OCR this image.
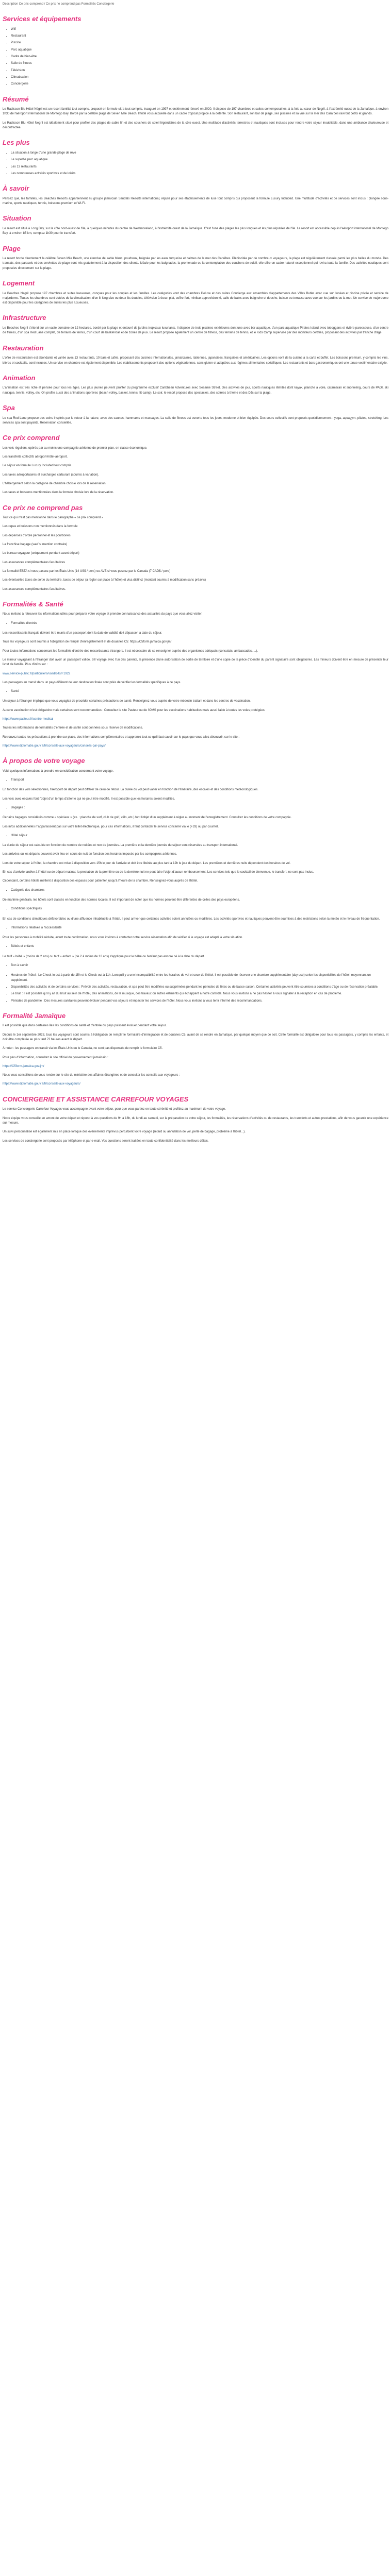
Description Ce prix comprend / Ce prix ne comprend pas Formalités Conciergerie
Services et équipements
• Wifi
• Restaurant
• Piscine
• Parc aquatique
• Cadre de bien-être
• Salle de fitness
• Télévision
• Climatisation
• Conciergerie
Résumé

Le Radisson Blu Hôtel Nègril est un resort familial tout compris, proposé en formule ultra tout compris, inauguré en 1997 et entièrement rénové en 2020. Il dispose de 197 chambres et suites contemporaines, à la fois au cœur de Negril, à l'extrémité ouest de la Jamaïque, à environ 1h30 de l'aéroport international de Montego Bay. Bordé par la célèbre plage de Seven Mile Beach, l'hôtel vous accueille dans un cadre tropical propice à la détente. Son restaurant, son bar de plage, ses piscines et sa vue sur la mer des Caraïbes raviront petits et grands.

Le Radisson Blu Hôtel Negril est idéalement situé pour profiter des plages de sable fin et des couchers de soleil légendaires de la côte ouest. Une multitude d'activités terrestres et nautiques sont incluses pour rendre votre séjour inoubliable, dans une ambiance chaleureuse et décontractée.

Les plus
• La situation à longe d'une grande plage de rêve
• Le superbe parc aquatique
• Les 13 restaurants
• Les nombreuses activités sportives et de loisirs
À savoir

Pensez que, les familles, les Beaches Resorts appartiennent au groupe jamaïcain Sandals Resorts international, réputé pour ses établissements de luxe tout compris qui proposent la formule Luxury Included. Une multitude d'activités et de services sont inclus : plongée sous-marine, sports nautiques, tennis, boissons premium et Wi-Fi.

Situation

Le resort est situé à Long Bay, sur la côte nord-ouest de l'île, à quelques minutes du centre de Westmoreland, à l'extrémité ouest de la Jamaïque. C'est l'une des plages les plus longues et les plus réputées de l'île. Le resort est accessible depuis l'aéroport international de Montego Bay, à environ 85 km, comptez 1h30 pour le transfert.

Plage

La resort borde directement la célèbre Seven Mile Beach, une étendue de sable blanc, poudreux, baignée par les eaux turquoise et calmes de la mer des Caraïbes. Plébiscitée par de nombreux voyageurs, la plage est régulièrement classée parmi les plus belles du monde. Des transats, des parasols et des serviettes de plage sont mis gratuitement à la disposition des clients. Idéale pour les baignades, la promenade ou la contemplation des couchers de soleil, elle offre un cadre naturel exceptionnel qui ravira toute la famille. Des activités nautiques sont proposées directement sur la plage.

Logement

Le Beaches Negril propose 197 chambres et suites luxueuses, conçues pour les couples et les familles. Les catégories vont des chambres Deluxe et des suites Concierge aux ensembles d'appartements des Villas Butler avec vue sur l'océan et piscine privée et service de majordome. Toutes les chambres sont dotées de la climatisation, d'un lit king size ou deux lits doubles, télévision à écran plat, coffre-fort, minibar approvisionné, salle de bains avec baignoire et douche, balcon ou terrasse avec vue sur les jardins ou la mer. Un service de majordome est disponible pour les catégories de suites les plus luxueuses.

Infrastructure

Le Beaches Negril s'étend sur un vaste domaine de 12 hectares, bordé par la plage et entouré de jardins tropicaux luxuriants. Il dispose de trois piscines extérieures dont une avec bar aquatique, d'un parc aquatique Pirates Island avec toboggans et rivière paresseuse, d'un centre de fitness, d'un spa Red Lane complet, de terrains de tennis, d'un court de basket-ball et de zones de jeux. Le resort propose également un centre de fitness, des terrains de tennis, et le Kids Camp supervisé par des moniteurs certifiés, proposant des activités par tranche d'âge.

Restauration

L'offre de restauration est abondante et variée avec 13 restaurants, 10 bars et cafés, proposant des cuisines internationales, jamaïcaines, italiennes, japonaises, françaises et américaines. Les options vont de la cuisine à la carte et buffet. Les boissons premium, y compris les vins, bières et cocktails, sont incluses. Un service en chambre est également disponible. Les établissements proposent des options végétariennes, sans gluten et adaptées aux régimes alimentaires spécifiques. Les restaurants et bars gastronomiques ont une tenue vestimentaire exigée.

Animation

L'animation est très riche et pensée pour tous les âges. Les plus jeunes peuvent profiter du programme exclusif Caribbean Adventures avec Sesame Street. Des activités de jour, sports nautiques illimités dont kayak, planche à voile, catamaran et snorkeling, cours de PADI, ski nautique, tennis, volley, etc. On profite aussi des animations sportives (beach volley, basket, tennis, fit-camp). Le soir, le resort propose des spectacles, des soirées à thème et des DJs sur la plage.

Spa

Le spa Red Lane propose des soins inspirés par le retour à la nature, avec des saunas, hammams et massages. La salle de fitness est ouverte tous les jours, moderne et bien équipée. Des cours collectifs sont proposés quotidiennement : yoga, aquagym, pilates, stretching. Les services spa sont payants. Réservation conseillée.

Ce prix comprend

Les vols réguliers, opérés par au moins une compagnie aérienne de premier plan, en classe économique.

Les transferts collectifs aéroport-hôtel-aéroport.

Le séjour en formule Luxury Included tout compris.

Les taxes aéroportuaires et surcharges carburant (soumis à variation).

L'hébergement selon la catégorie de chambre choisie lors de la réservation.

Les taxes et boissons mentionnées dans la formule choisie lors de la réservation.

Ce prix ne comprend pas

Tout ce qui n'est pas mentionné dans le paragraphe « ce prix comprend »

Les repas et boissons non mentionnés dans la formule

Les dépenses d'ordre personnel et les pourboires

La franchise bagage (sauf si mention contraire)

Le bureau voyageur (uniquement pendant avant départ)

Les assurances complémentaires facultatives

La formalité ESTA si vous passez par les États-Unis (14 US$ / pers) ou AVE si vous passez par le Canada (7 CAD$ / pers)

Les éventuelles taxes de sortie du territoire, taxes de séjour (à régler sur place à l'hôtel) et visa distinct (montant soumis à modification sans préavis)

Les assurances complémentaires facultatives.

Formalités & Santé

Nous invitons à retrouver les informations utiles pour préparer votre voyage et prendre connaissance des actualités du pays que vous allez visiter.

• Formalités d'entrée

Les ressortissants français doivent être munis d'un passeport dont la date de validité doit dépasser la date du séjour.

Tous les voyageurs sont soumis à l'obligation de remplir d'enregistrement et de douanes C5: https://C5form.jamaica.gov.jm/

Pour toutes informations concernant les formalités d'entrée des ressortissants étrangers, il est nécessaire de se renseigner auprès des organismes adéquats (consulats, ambassades, ...).

Le mineur voyageant à l'étranger doit avoir un passeport valide. S'il voyage avec l'un des parents, la présence d'une autorisation de sortie de territoire et d'une copie de la pièce d'identité du parent signataire sont obligatoires. Les mineurs doivent être en mesure de présenter leur livret de famille. Plus d'infos sur :

www.service-public.fr/particuliers/vosdroits/F1922

Les passagers en transit dans un pays différent de leur destination finale sont priés de vérifier les formalités spécifiques à ce pays.

• Santé

Un séjour à l'étranger implique que vous voyagiez de procéder certaines précautions de santé. Renseignez-vous auprès de votre médecin traitant et dans les centres de vaccination.

Aucune vaccination n'est obligatoire mais certaines sont recommandées : Consultez le site Pasteur ou de l'OMS pour les vaccinations habituelles mais aussi l'aide à toutes les voies protégées.

https://www.pasteur.fr/centre-medical

Toutes les informations de formalités d'entrée et de santé sont données sous réserve de modifications.

Retrouvez toutes les précautions à prendre sur place, des informations complémentaires et apprenez tout ce qu'il faut savoir sur le pays que vous allez découvrir, sur le site :

https://www.diplomatie.gouv.fr/fr/conseils-aux-voyageurs/conseils-par-pays/

À propos de votre voyage

Voici quelques informations à prendre en considération concernant votre voyage.

• Transport

En fonction des vols sélectionnés, l'aéroport de départ peut différer de celui de retour. La durée du vol peut varier en fonction de l'itinéraire, des escales et des conditions météorologiques.

Les vols avec escales font l'objet d'un temps d'attente qui ne peut être modifié. Il est possible que les horaires soient modifiés.

• Bagages :

Certains bagages considérés comme « spéciaux » (ex. : planche de surf, club de golf, vélo, etc.) font l'objet d'un supplément à régler au moment de l'enregistrement. Consultez les conditions de votre compagnie.

Les infos additionnelles n'apparaissent pas sur votre billet électronique, pour ces informations, il faut contacter le service concerné via le (+33) ou par courriel.

• Hôtel séjour

La durée du séjour est calculée en fonction du nombre de nuitées et non de journées. La première et la dernière journée du séjour sont réservées au transport international.

Les arrivées ou les départs peuvent avoir lieu en cours de nuit en fonction des horaires imposés par les compagnies aériennes.

Lors de votre séjour à l'hôtel, la chambre est mise à disposition vers 15h le jour de l'arrivée et doit être libérée au plus tard à 12h le jour du départ. Les premières et dernières nuits dépendent des horaires de vol.

En cas d'arrivée tardive à l'hôtel ou de départ matinal, la prestation de la première ou de la dernière nuit ne peut faire l'objet d'aucun remboursement. Les services tels que le cocktail de bienvenue, le transfert, ne sont pas inclus.

Cependant, certains hôtels mettent à disposition des espaces pour patienter jusqu'à l'heure de la chambre. Renseignez-vous auprès de l'hôtel.

• Catégorie des chambres

De manière générale, les hôtels sont classés en fonction des normes locales. Il est important de noter que les normes peuvent être différentes de celles des pays européens.

• Conditions spécifiques

En cas de conditions climatiques défavorables ou d'une affluence inhabituelle à l'hôtel, il peut arriver que certaines activités soient annulées ou modifiées. Les activités sportives et nautiques peuvent être soumises à des restrictions selon la météo et le niveau de fréquentation.

• Informations relatives à l'accessibilité

Pour les personnes à mobilité réduite, avant toute confirmation, nous vous invitons à contacter notre service réservation afin de vérifier si le voyage est adapté à votre situation.

• Bébés et enfants

Le tarif « bébé » (moins de 2 ans) ou tarif « enfant » (de 2 à moins de 12 ans) s'applique pour le bébé ou l'enfant pas encore né à la date du départ.

• Bon à savoir
• Horaires de l'hôtel : Le Check-in est à partir de 15h et le Check-out à 11h. Lorsqu'il y a une incompatibilité entre les horaires de vol et ceux de l'hôtel, il est possible de réserver une chambre supplémentaire (day use) selon les disponibilités de l'hôtel, moyennant un supplément.
• Disponibilités des activités et de certains services : Prévoir des activités, restauration, et spa peut être modifiées ou supprimées pendant les périodes de fêtes ou de basse saison. Certaines activités peuvent être soumises à conditions d'âge ou de réservation préalable.
• Le bruit : il est possible qu'il y ait du bruit au sein de l'hôtel, des animations, de la musique, des travaux ou autres éléments qui échappent à notre contrôle. Nous vous invitons à ne pas hésiter à vous signaler à la réception en cas de problème.
• Périodes de pandémie : Des mesures sanitaires peuvent évoluer pendant vos séjours et impacter les services de l'hôtel. Nous vous invitons à vous tenir informé des recommandations.
Formalité Jamaïque

Il est possible que dans certaines îles les conditions de santé et d'entrée du pays puissent évoluer pendant votre séjour.

Depuis le 1er septembre 2023, tous les voyageurs sont soumis à l'obligation de remplir le formulaire d'immigration et de douanes C5, avant de se rendre en Jamaïque, par quelque moyen que ce soit. Cette formalité est obligatoire pour tous les passagers, y compris les enfants, et doit être complétée au plus tard 72 heures avant le départ.

À noter : les passagers en transit via les États-Unis ou le Canada, ne sont pas dispensés de remplir le formulaire C5.

Pour plus d'information, consultez le site officiel du gouvernement jamaïcain :

https://C5form.jamaica.gov.jm/

Nous vous conseillons de vous rendre sur le site du ministère des affaires étrangères et de consulter les conseils aux voyageurs :

https://www.diplomatie.gouv.fr/fr/conseils-aux-voyageurs/

CONCIERGERIE ET ASSISTANCE CARREFOUR VOYAGES

Le service Conciergerie Carrefour Voyages vous accompagne avant votre séjour, pour que vous partiez en toute sérénité et profitiez au maximum de votre voyage.

Notre équipe vous conseille en amont de votre départ et répond à vos questions de 9h à 18h, du lundi au samedi, sur la préparation de votre séjour, les formalités, les réservations d'activités ou de restaurants, les transferts et autres prestations, afin de vous garantir une expérience sur mesure.

Un suivi personnalisé est également mis en place lorsque des événements imprévus perturbent votre voyage (retard ou annulation de vol, perte de bagage, problème à l'hôtel...).

Les services de conciergerie sont proposés par téléphone et par e-mail. Vos questions seront traitées en toute confidentialité dans les meilleurs délais.
